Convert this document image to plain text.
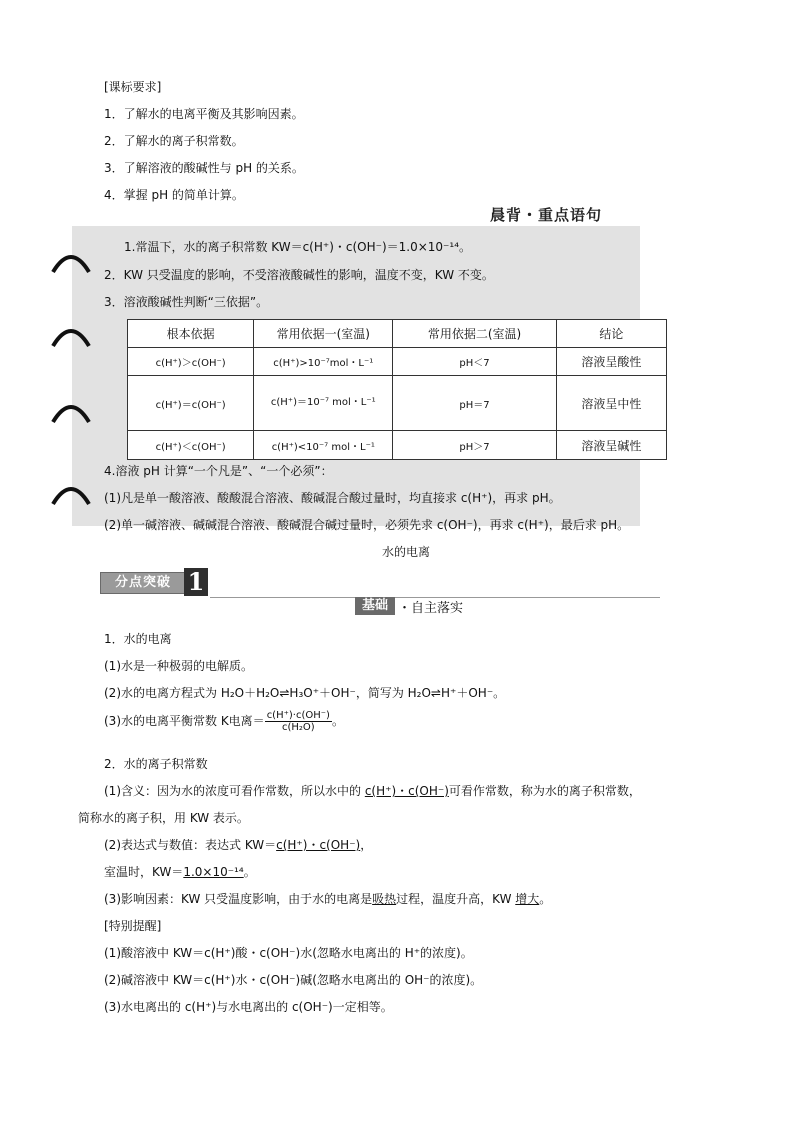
[课标要求]
1．了解水的电离平衡及其影响因素。
2．了解水的离子积常数。
3．了解溶液的酸碱性与 pH 的关系。
4．掌握 pH 的简单计算。
晨背・重点语句
1.常温下，水的离子积常数 KW＝c(H⁺)・c(OH⁻)＝1.0×10⁻¹⁴。
2．KW 只受温度的影响，不受溶液酸碱性的影响，温度不变，KW 不变。
3．溶液酸碱性判断“三依据”。
根本依据	常用依据一(室温)	常用依据二(室温)	结论
c(H⁺)＞c(OH⁻)	c(H⁺)>10⁻⁷mol・L⁻¹	pH＜7	溶液呈酸性
c(H⁺)＝c(OH⁻)	c(H⁺)＝10⁻⁷ mol・L⁻¹	pH＝7	溶液呈中性
c(H⁺)＜c(OH⁻)	c(H⁺)<10⁻⁷ mol・L⁻¹	pH＞7	溶液呈碱性
4.溶液 pH 计算“一个凡是”、“一个必须”：
(1)凡是单一酸溶液、酸酸混合溶液、酸碱混合酸过量时，均直接求 c(H⁺)，再求 pH。
(2)单一碱溶液、碱碱混合溶液、酸碱混合碱过量时，必须先求 c(OH⁻)，再求 c(H⁺)，最后求 pH。
水的电离
分点突破 1
基础 ・自主落实
1．水的电离
(1)水是一种极弱的电解质。
(2)水的电离方程式为 H₂O＋H₂O⇌H₃O⁺＋OH⁻，简写为 H₂O⇌H⁺＋OH⁻。
(3)水的电离平衡常数 K电离＝ $\frac{c(H^+)\cdot c(OH^-)}{\text{c(H₂O)}}$ 。
2．水的离子积常数
(1)含义：因为水的浓度可看作常数，所以水中的 c(H⁺)・c(OH⁻)可看作常数，称为水的离子积常数，
简称水的离子积，用 KW 表示。
(2)表达式与数值：表达式 KW＝c(H⁺)・c(OH⁻)，
室温时，KW＝1.0×10⁻¹⁴。
(3)影响因素：KW 只受温度影响，由于水的电离是吸热过程，温度升高，KW 增大。
[特别提醒]
(1)酸溶液中 KW＝c(H⁺)酸・c(OH⁻)水(忽略水电离出的 H⁺的浓度)。
(2)碱溶液中 KW＝c(H⁺)水・c(OH⁻)碱(忽略水电离出的 OH⁻的浓度)。
(3)水电离出的 c(H⁺)与水电离出的 c(OH⁻)一定相等。
